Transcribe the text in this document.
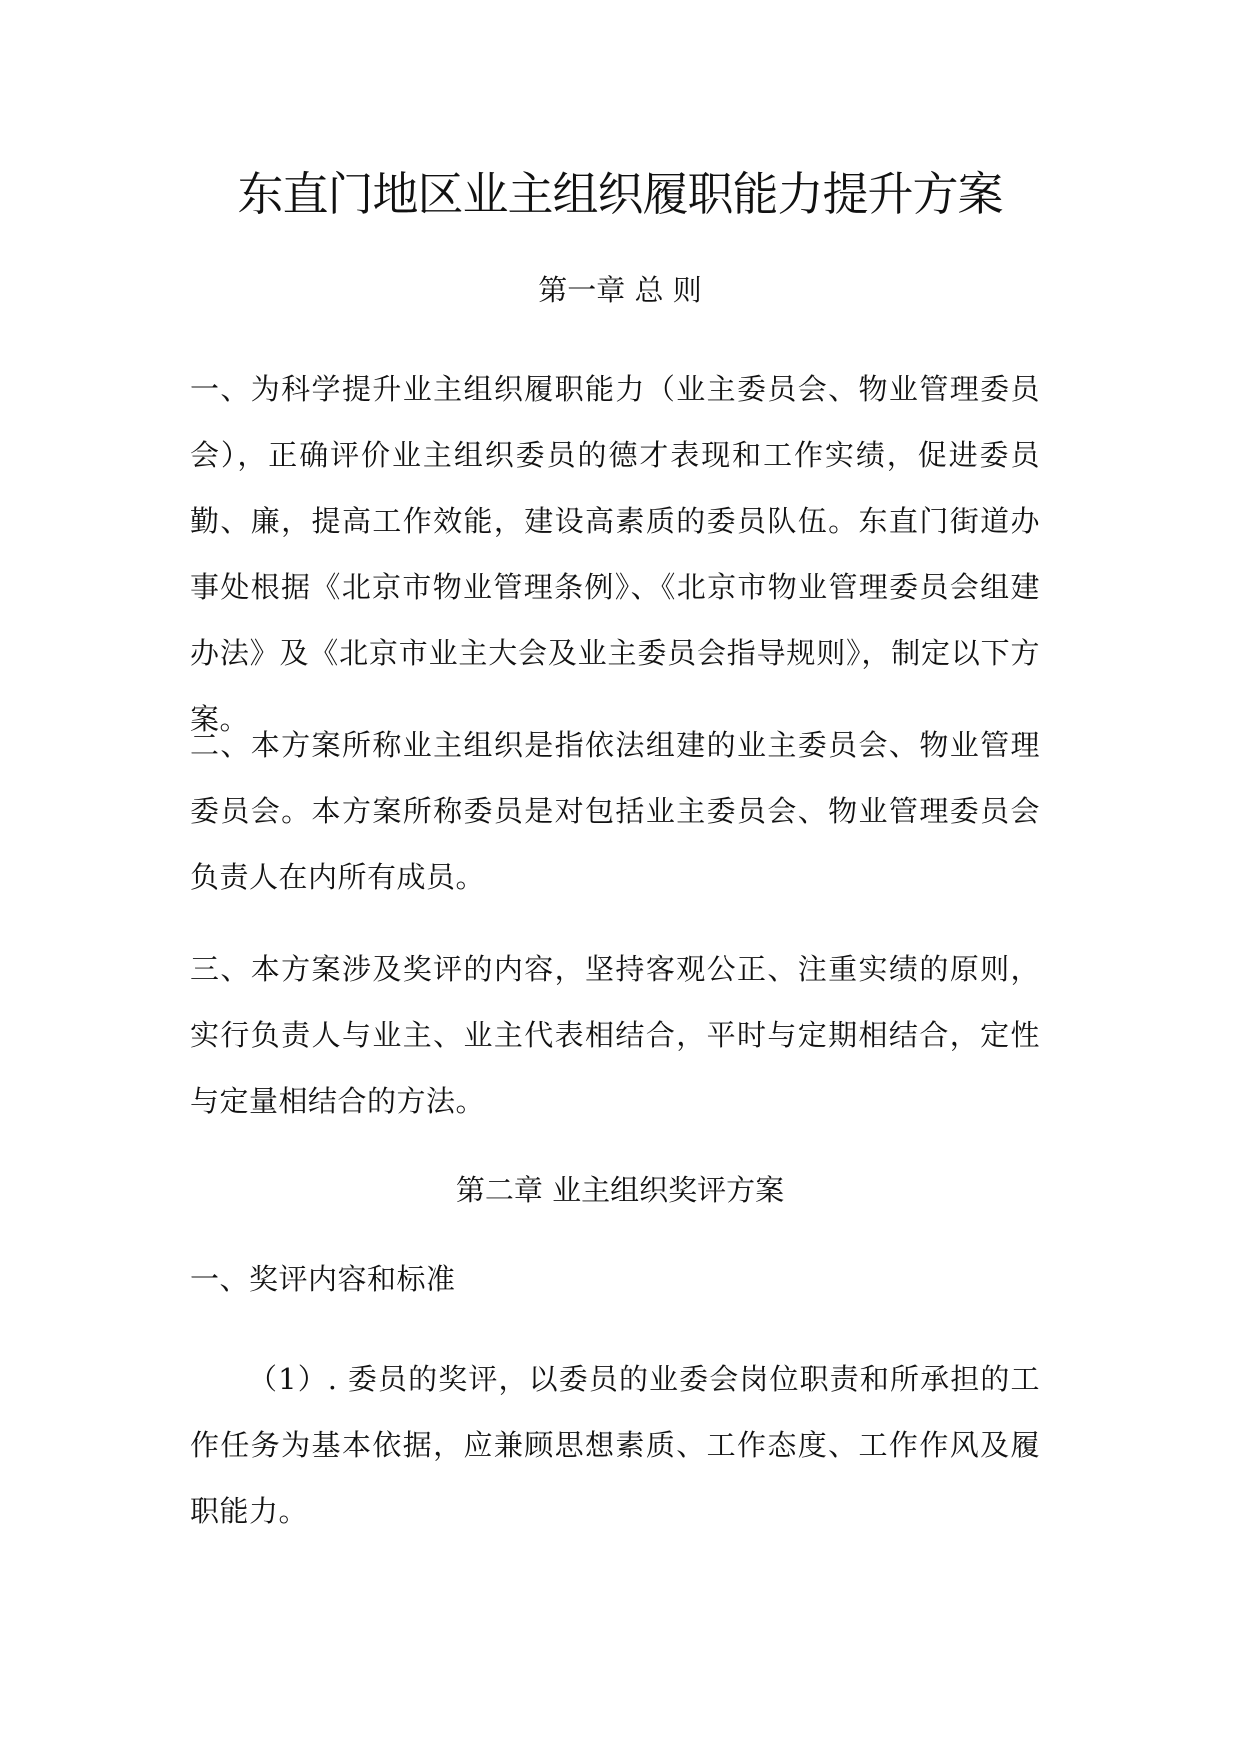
东直门地区业主组织履职能力提升方案
第一章 总 则

一、为科学提升业主组织履职能力（业主委员会、物业管理委员会），正确评价业主组织委员的德才表现和工作实绩，促进委员勤、廉，提高工作效能，建设高素质的委员队伍。东直门街道办事处根据《北京市物业管理条例》、《北京市物业管理委员会组建办法》及《北京市业主大会及业主委员会指导规则》，制定以下方案。

二、本方案所称业主组织是指依法组建的业主委员会、物业管理委员会。本方案所称委员是对包括业主委员会、物业管理委员会负责人在内所有成员。

三、本方案涉及奖评的内容，坚持客观公正、注重实绩的原则，实行负责人与业主、业主代表相结合，平时与定期相结合，定性与定量相结合的方法。

第二章 业主组织奖评方案

一、奖评内容和标准

（1）. 委员的奖评，以委员的业委会岗位职责和所承担的工作任务为基本依据，应兼顾思想素质、工作态度、工作作风及履职能力。
